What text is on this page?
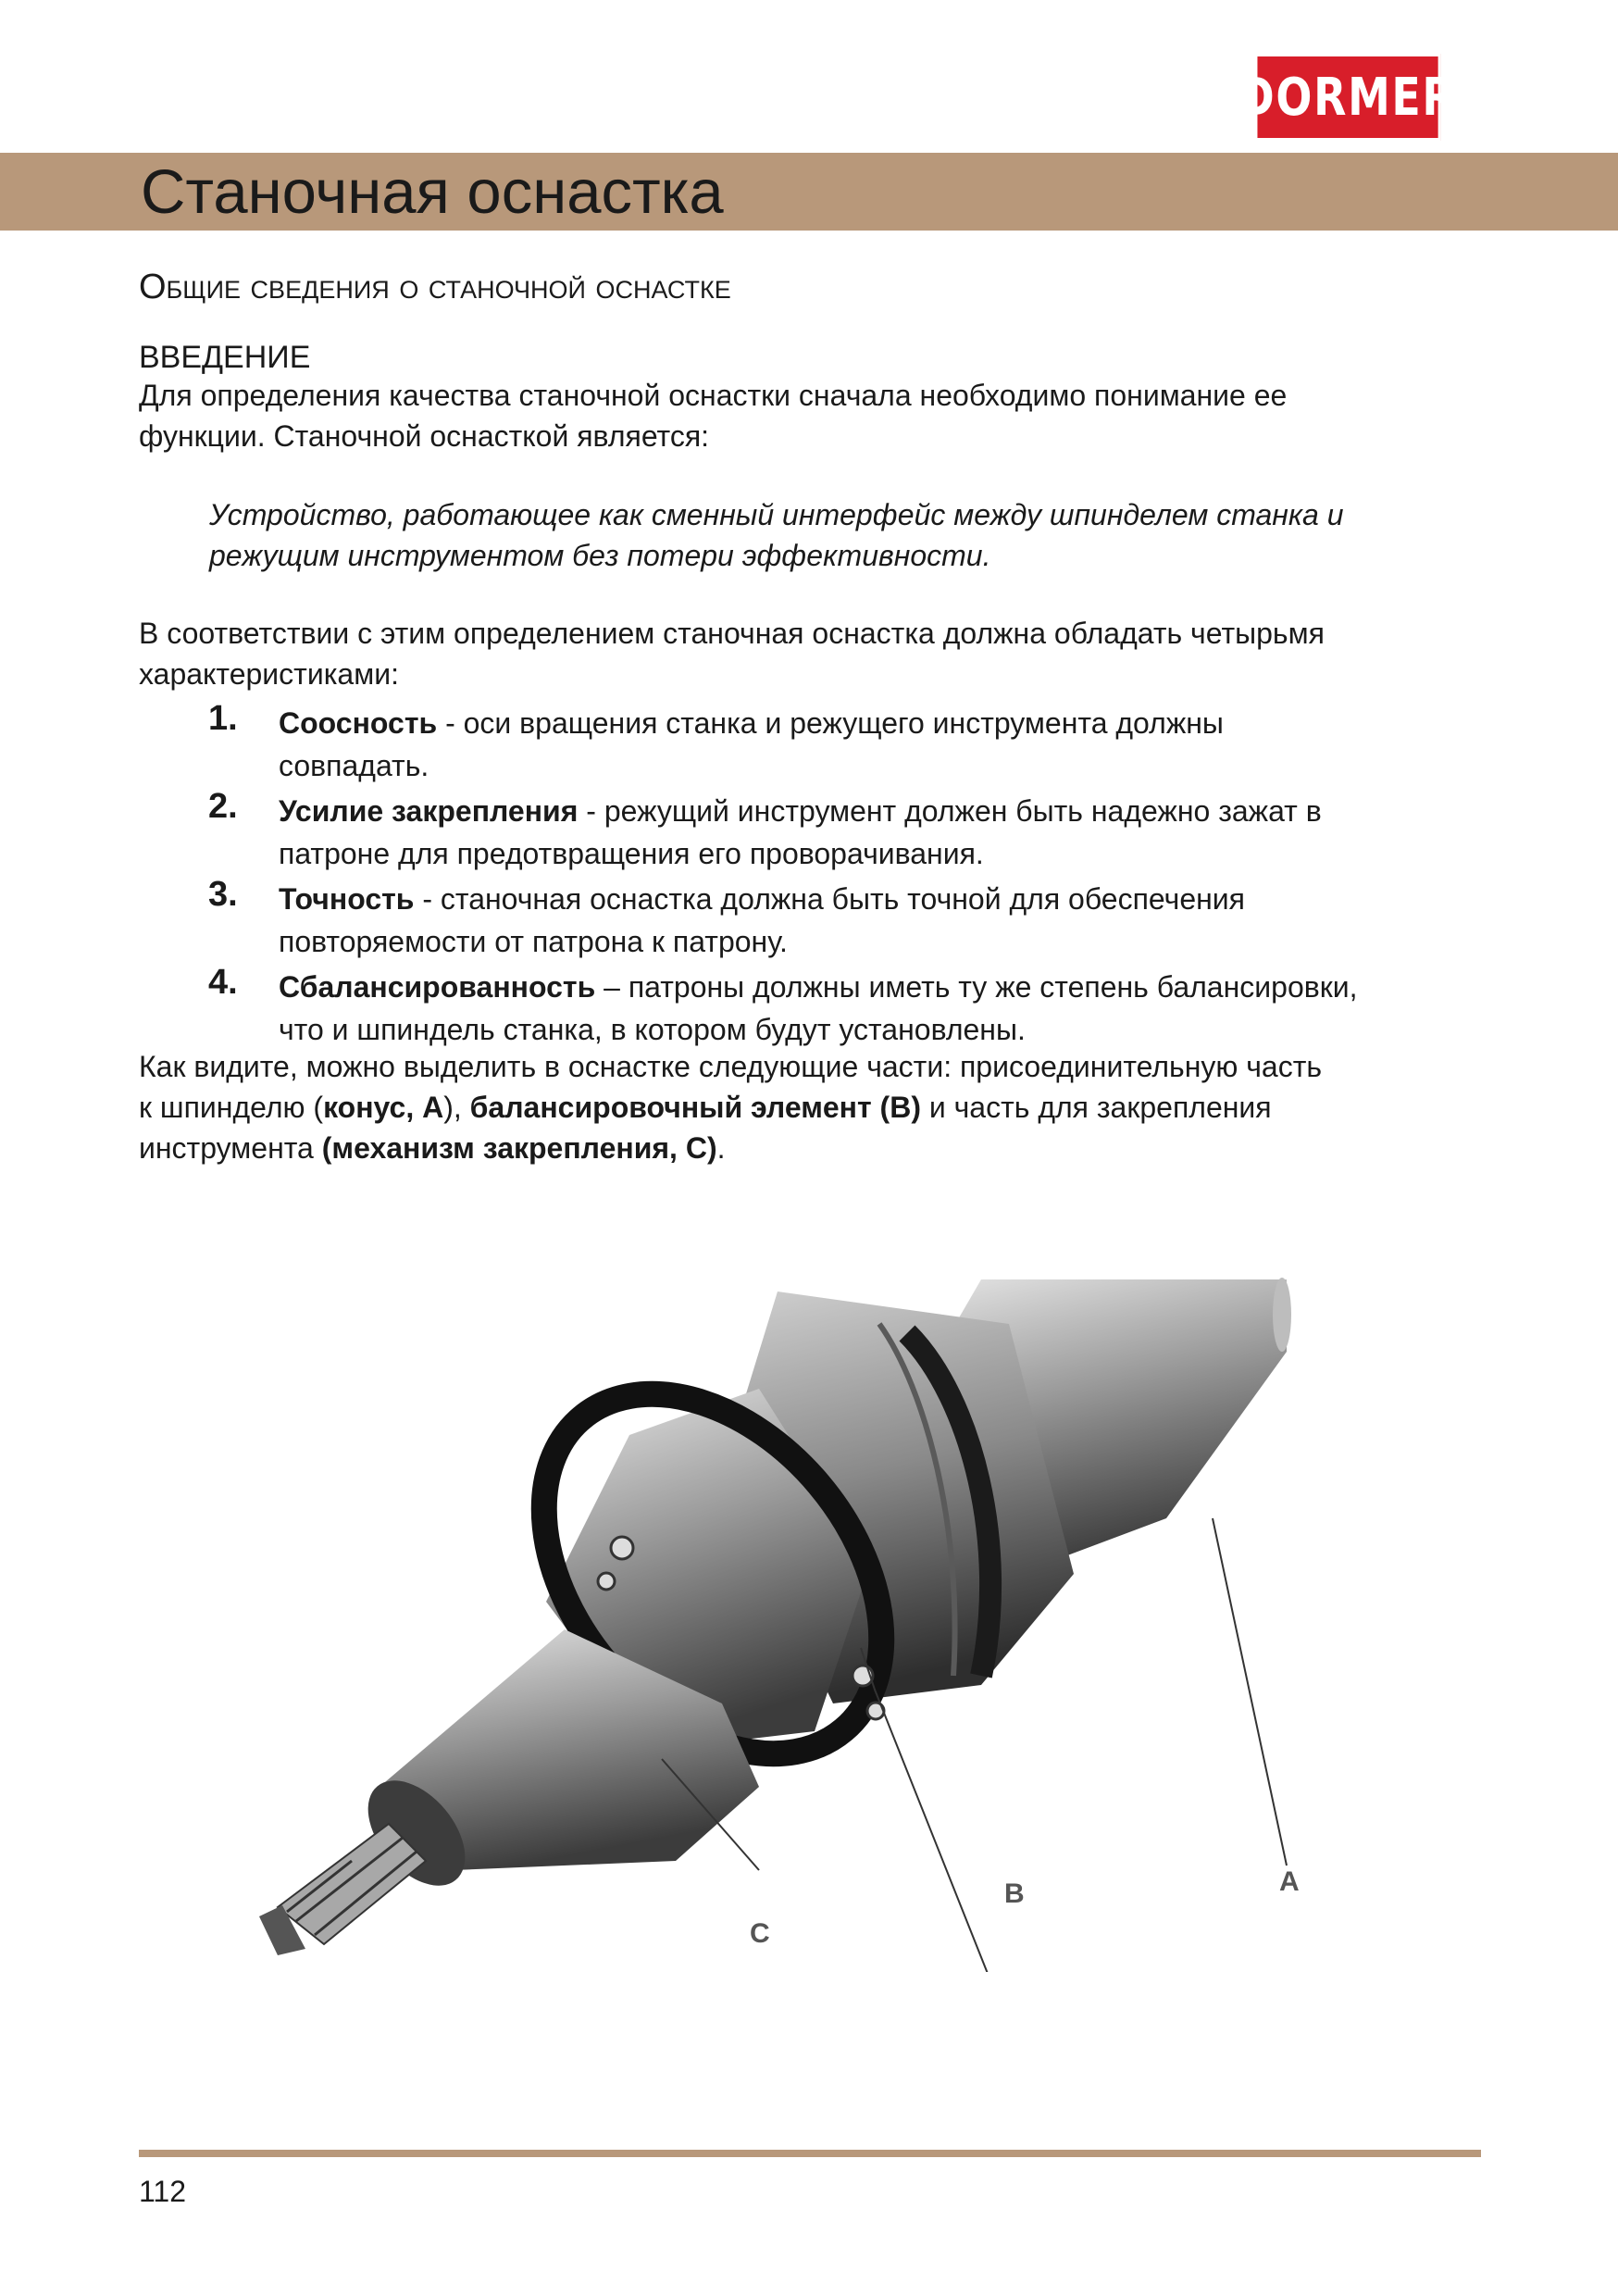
DORMER
Станочная оснастка
Общие сведения о станочной оснастке
ВВЕДЕНИЕ

Для определения качества станочной оснастки сначала необходимо понимание ее

функции. Станочной оснасткой является:

Устройство, работающее как сменный интерфейс между шпинделем станка и

режущим инструментом без потери эффективности.

В соответствии с этим определением станочная оснастка должна обладать четырьмя

характеристиками:

1. Соосность - оси вращения станка и режущего инструмента должны
совпадать.
2. Усилие закрепления - режущий инструмент должен быть надежно зажат в
патроне для предотвращения его проворачивания.
3. Точность - станочная оснастка должна быть точной для обеспечения
повторяемости от патрона к патрону.
4. Сбалансированность – патроны должны иметь ту же степень балансировки,
что и шпиндель станка, в котором будут установлены.

Как видите, можно выделить в оснастке следующие части: присоединительную часть

к шпинделю (конус, А), балансировочный элемент (В) и часть для закрепления

инструмента (механизм закрепления, С).

A
B
C
112
